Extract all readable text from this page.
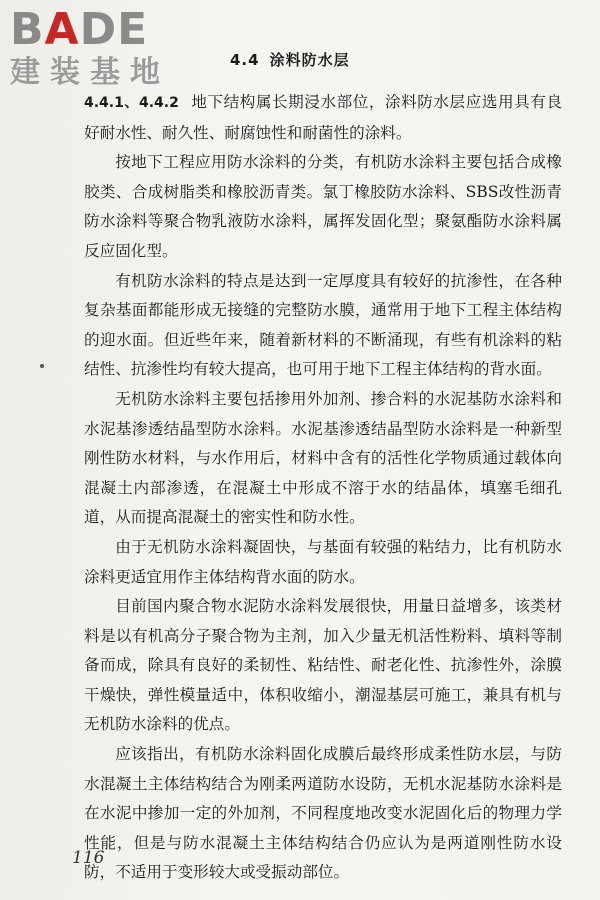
BADE
建装基地	4.4 涂料防水层

4.4.1、4.4.2 地下结构属长期浸水部位，涂料防水层应选用具有良好耐水性、耐久性、耐腐蚀性和耐菌性的涂料。

按地下工程应用防水涂料的分类，有机防水涂料主要包括合成橡胶类、合成树脂类和橡胶沥青类。氯丁橡胶防水涂料、SBS改性沥青防水涂料等聚合物乳液防水涂料，属挥发固化型；聚氨酯防水涂料属反应固化型。

有机防水涂料的特点是达到一定厚度具有较好的抗渗性，在各种复杂基面都能形成无接缝的完整防水膜，通常用于地下工程主体结构的迎水面。但近些年来，随着新材料的不断涌现，有些有机涂料的粘结性、抗渗性均有较大提高，也可用于地下工程主体结构的背水面。

无机防水涂料主要包括掺用外加剂、掺合料的水泥基防水涂料和水泥基渗透结晶型防水涂料。水泥基渗透结晶型防水涂料是一种新型刚性防水材料，与水作用后，材料中含有的活性化学物质通过载体向混凝土内部渗透，在混凝土中形成不溶于水的结晶体，填塞毛细孔道，从而提高混凝土的密实性和防水性。

由于无机防水涂料凝固快，与基面有较强的粘结力，比有机防水涂料更适宜用作主体结构背水面的防水。

目前国内聚合物水泥防水涂料发展很快，用量日益增多，该类材料是以有机高分子聚合物为主剂，加入少量无机活性粉料、填料等制备而成，除具有良好的柔韧性、粘结性、耐老化性、抗渗性外，涂膜干燥快，弹性模量适中，体积收缩小，潮湿基层可施工，兼具有机与无机防水涂料的优点。

应该指出，有机防水涂料固化成膜后最终形成柔性防水层，与防水混凝土主体结构结合为刚柔两道防水设防，无机水泥基防水涂料是在水泥中掺加一定的外加剂，不同程度地改变水泥固化后的物理力学性能，但是与防水混凝土主体结构结合仍应认为是两道刚性防水设防，不适用于变形较大或受振动部位。

116
